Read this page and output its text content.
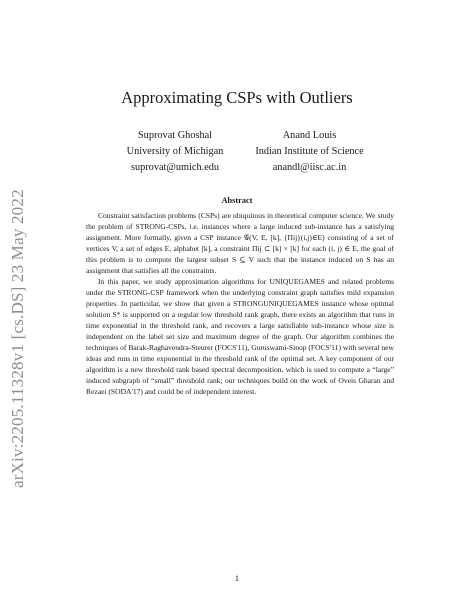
arXiv:2205.11328v1 [cs.DS] 23 May 2022
Approximating CSPs with Outliers
Suprovat Ghoshal
University of Michigan
suprovat@umich.edu
Anand Louis
Indian Institute of Science
anandl@iisc.ac.in
Abstract

Constraint satisfaction problems (CSPs) are ubiquitous in theoretical computer science. We study the problem of STRONG-CSPs, i.e. instances where a large induced sub-instance has a satisfying assignment. More formally, given a CSP instance 𝒢(V, E, [k], {Πij}(i,j)∈E) consisting of a set of vertices V, a set of edges E, alphabet [k], a constraint Πij ⊂ [k] × [k] for each (i, j) ∈ E, the goal of this problem is to compute the largest subset S ⊆ V such that the instance induced on S has an assignment that satisfies all the constraints.

In this paper, we study approximation algorithms for UNIQUEGAMES and related problems under the STRONG-CSP framework when the underlying constraint graph satisfies mild expansion properties. In particular, we show that given a STRONGUNIQUEGAMES instance whose optimal solution S* is supported on a regular low threshold rank graph, there exists an algorithm that runs in time exponential in the threshold rank, and recovers a large satisfiable sub-instance whose size is independent on the label set size and maximum degree of the graph. Our algorithm combines the techniques of Barak-Raghavendra-Steurer (FOCS'11), Guruswami-Sinop (FOCS'11) with several new ideas and runs in time exponential in the threshold rank of the optimal set. A key component of our algorithm is a new threshold rank based spectral decomposition, which is used to compute a “large” induced subgraph of “small” threshold rank; our techniques build on the work of Oveis Gharan and Rezaei (SODA'17) and could be of independent interest.

1
